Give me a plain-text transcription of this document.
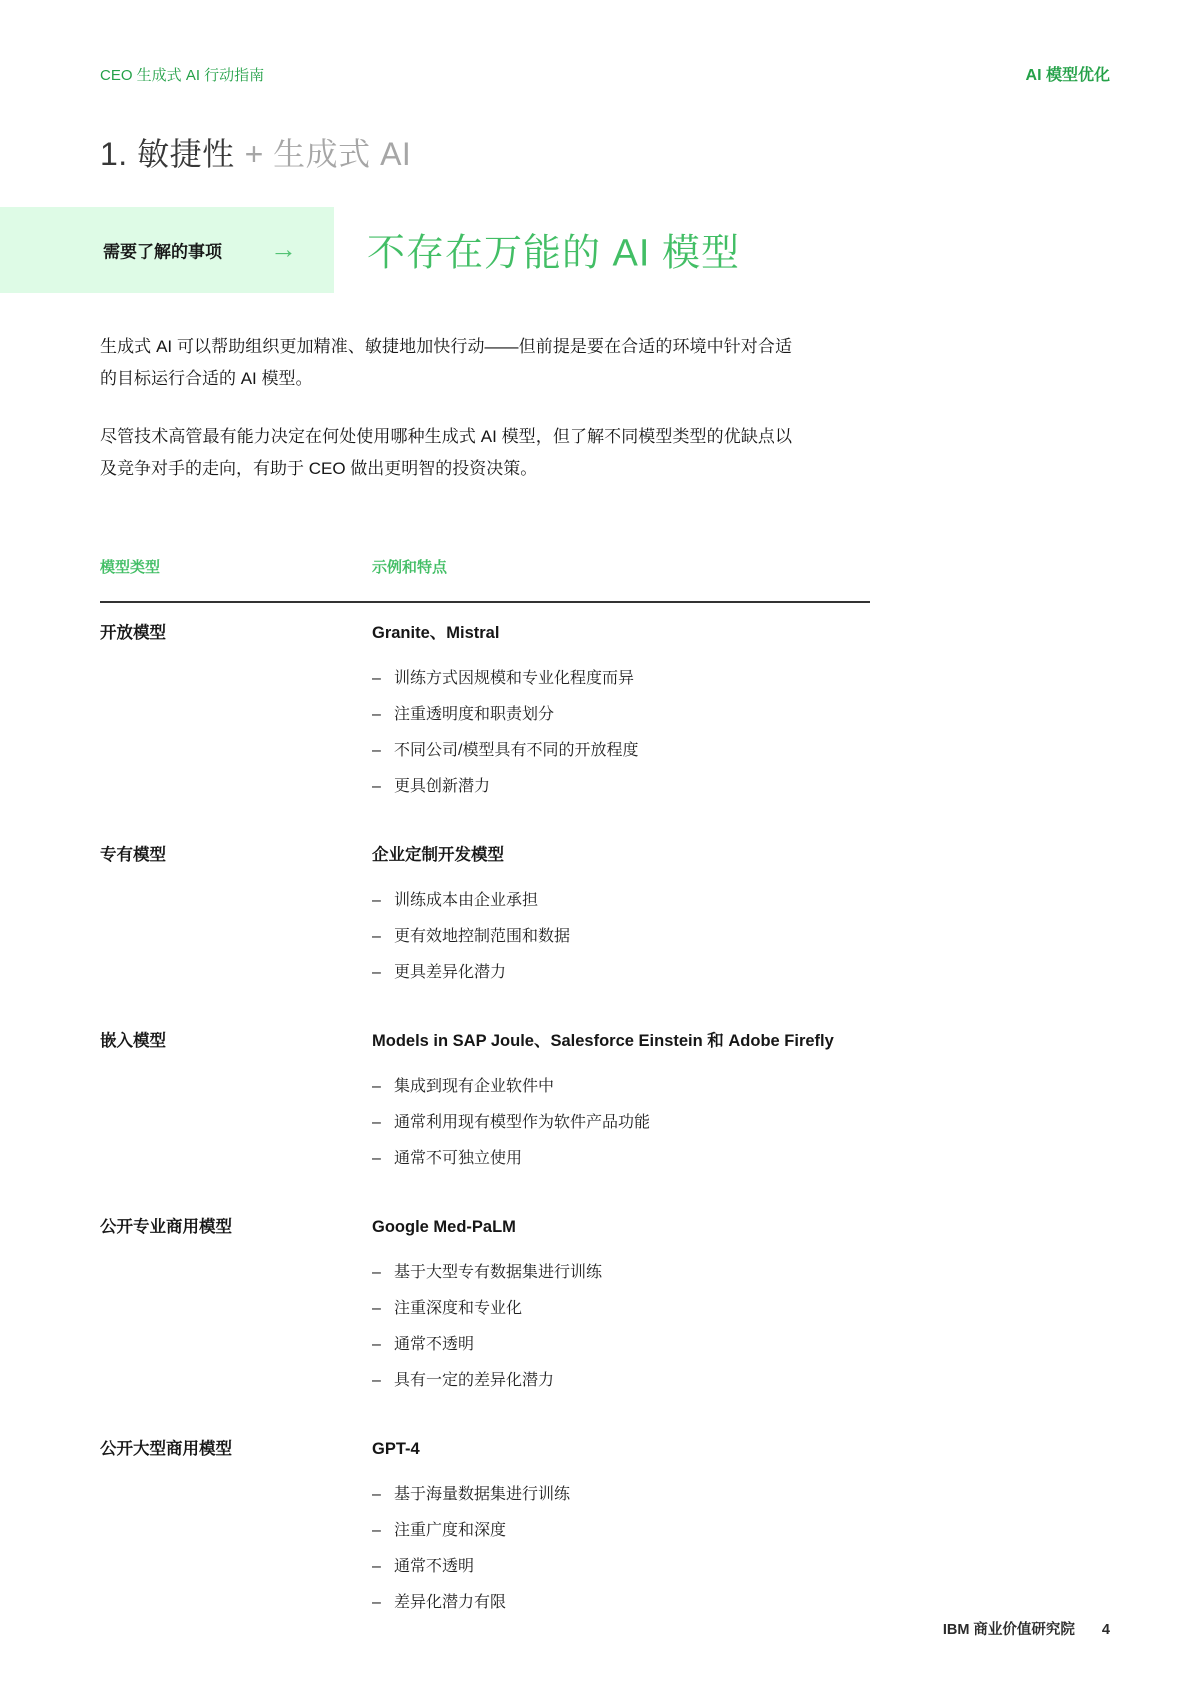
CEO 生成式 AI 行动指南	AI 模型优化
1. 敏捷性 + 生成式 AI
需要了解的事项 → 不存在万能的 AI 模型

生成式 AI 可以帮助组织更加精准、敏捷地加快行动——但前提是要在合适的环境中针对合适的目标运行合适的 AI 模型。

尽管技术高管最有能力决定在何处使用哪种生成式 AI 模型，但了解不同模型类型的优缺点以及竞争对手的走向，有助于 CEO 做出更明智的投资决策。

模型类型	示例和特点
开放模型	Granite、Mistral
– 训练方式因规模和专业化程度而异
– 注重透明度和职责划分
– 不同公司/模型具有不同的开放程度
– 更具创新潜力
专有模型	企业定制开发模型
– 训练成本由企业承担
– 更有效地控制范围和数据
– 更具差异化潜力
嵌入模型	Models in SAP Joule、Salesforce Einstein 和 Adobe Firefly
– 集成到现有企业软件中
– 通常利用现有模型作为软件产品功能
– 通常不可独立使用
公开专业商用模型	Google Med-PaLM
– 基于大型专有数据集进行训练
– 注重深度和专业化
– 通常不透明
– 具有一定的差异化潜力
公开大型商用模型	GPT-4
– 基于海量数据集进行训练
– 注重广度和深度
– 通常不透明
– 差异化潜力有限
IBM 商业价值研究院 4
